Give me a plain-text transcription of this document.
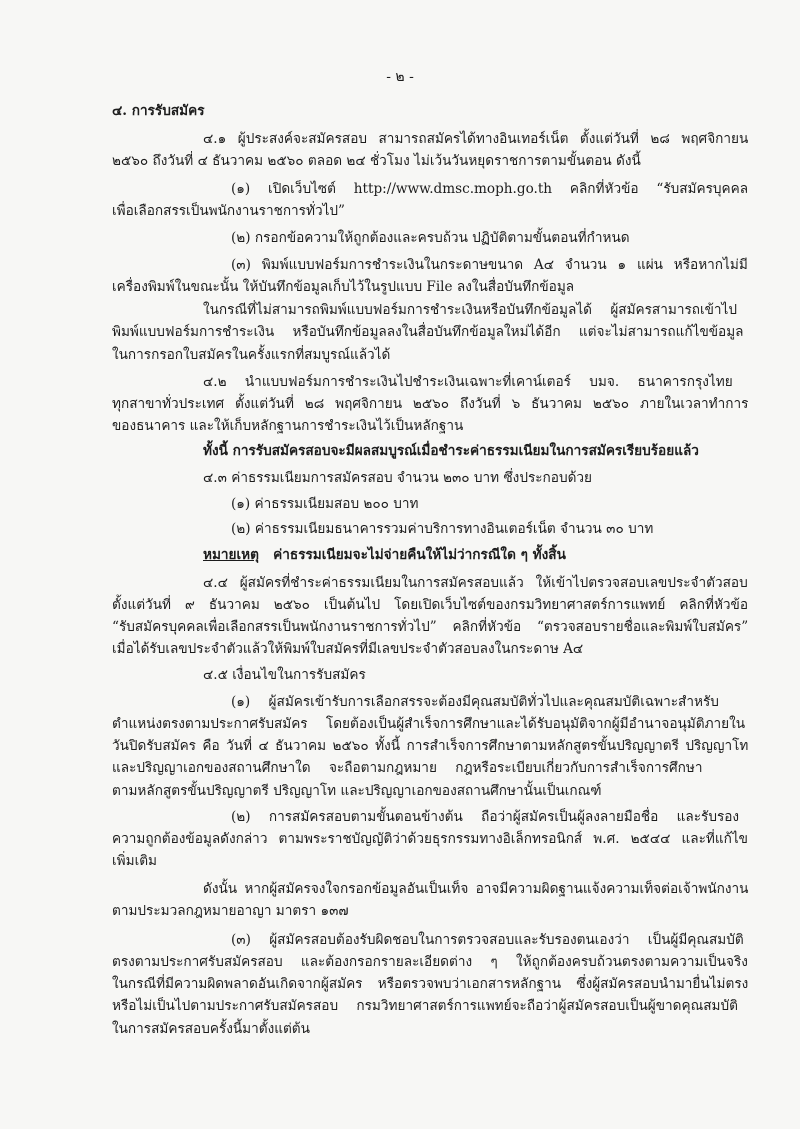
- ๒ -
๔. การรับสมัคร
๔.๑ ผู้ประสงค์จะสมัครสอบ สามารถสมัครได้ทางอินเทอร์เน็ต ตั้งแต่วันที่ ๒๘ พฤศจิกายน
๒๕๖๐ ถึงวันที่ ๔ ธันวาคม ๒๕๖๐ ตลอด ๒๔ ชั่วโมง ไม่เว้นวันหยุดราชการตามขั้นตอน ดังนี้
(๑) เปิดเว็บไซต์ http://www.dmsc.moph.go.th คลิกที่หัวข้อ “รับสมัครบุคคล
เพื่อเลือกสรรเป็นพนักงานราชการทั่วไป”
(๒) กรอกข้อความให้ถูกต้องและครบถ้วน ปฏิบัติตามขั้นตอนที่กำหนด
(๓) พิมพ์แบบฟอร์มการชำระเงินในกระดาษขนาด A๔ จำนวน ๑ แผ่น หรือหากไม่มี
เครื่องพิมพ์ในขณะนั้น ให้บันทึกข้อมูลเก็บไว้ในรูปแบบ File ลงในสื่อบันทึกข้อมูล
ในกรณีที่ไม่สามารถพิมพ์แบบฟอร์มการชำระเงินหรือบันทึกข้อมูลได้ ผู้สมัครสามารถเข้าไป
พิมพ์แบบฟอร์มการชำระเงิน หรือบันทึกข้อมูลลงในสื่อบันทึกข้อมูลใหม่ได้อีก แต่จะไม่สามารถแก้ไขข้อมูล
ในการกรอกใบสมัครในครั้งแรกที่สมบูรณ์แล้วได้
๔.๒ นำแบบฟอร์มการชำระเงินไปชำระเงินเฉพาะที่เคาน์เตอร์ บมจ. ธนาคารกรุงไทย
ทุกสาขาทั่วประเทศ ตั้งแต่วันที่ ๒๘ พฤศจิกายน ๒๕๖๐ ถึงวันที่ ๖ ธันวาคม ๒๕๖๐ ภายในเวลาทำการ
ของธนาคาร และให้เก็บหลักฐานการชำระเงินไว้เป็นหลักฐาน
ทั้งนี้ การรับสมัครสอบจะมีผลสมบูรณ์เมื่อชำระค่าธรรมเนียมในการสมัครเรียบร้อยแล้ว
๔.๓ ค่าธรรมเนียมการสมัครสอบ จำนวน ๒๓๐ บาท ซึ่งประกอบด้วย
(๑) ค่าธรรมเนียมสอบ ๒๐๐ บาท
(๒) ค่าธรรมเนียมธนาคารรวมค่าบริการทางอินเตอร์เน็ต จำนวน ๓๐ บาท
หมายเหตุ   ค่าธรรมเนียมจะไม่จ่ายคืนให้ไม่ว่ากรณีใด ๆ ทั้งสิ้น
๔.๔ ผู้สมัครที่ชำระค่าธรรมเนียมในการสมัครสอบแล้ว ให้เข้าไปตรวจสอบเลขประจำตัวสอบ
ตั้งแต่วันที่ ๙ ธันวาคม ๒๕๖๐ เป็นต้นไป โดยเปิดเว็บไซต์ของกรมวิทยาศาสตร์การแพทย์ คลิกที่หัวข้อ
“รับสมัครบุคคลเพื่อเลือกสรรเป็นพนักงานราชการทั่วไป” คลิกที่หัวข้อ “ตรวจสอบรายชื่อและพิมพ์ใบสมัคร”
เมื่อได้รับเลขประจำตัวแล้วให้พิมพ์ใบสมัครที่มีเลขประจำตัวสอบลงในกระดาษ A๔
๔.๕ เงื่อนไขในการรับสมัคร
(๑) ผู้สมัครเข้ารับการเลือกสรรจะต้องมีคุณสมบัติทั่วไปและคุณสมบัติเฉพาะสำหรับ
ตำแหน่งตรงตามประกาศรับสมัคร โดยต้องเป็นผู้สำเร็จการศึกษาและได้รับอนุมัติจากผู้มีอำนาจอนุมัติภายใน
วันปิดรับสมัคร คือ วันที่ ๔ ธันวาคม ๒๕๖๐ ทั้งนี้ การสำเร็จการศึกษาตามหลักสูตรขั้นปริญญาตรี ปริญญาโท
และปริญญาเอกของสถานศึกษาใด จะถือตามกฎหมาย กฎหรือระเบียบเกี่ยวกับการสำเร็จการศึกษา
ตามหลักสูตรขั้นปริญญาตรี ปริญญาโท และปริญญาเอกของสถานศึกษานั้นเป็นเกณฑ์
(๒) การสมัครสอบตามขั้นตอนข้างต้น ถือว่าผู้สมัครเป็นผู้ลงลายมือชื่อ และรับรอง
ความถูกต้องข้อมูลดังกล่าว ตามพระราชบัญญัติว่าด้วยธุรกรรมทางอิเล็กทรอนิกส์ พ.ศ. ๒๕๔๔ และที่แก้ไข
เพิ่มเติม
ดังนั้น หากผู้สมัครจงใจกรอกข้อมูลอันเป็นเท็จ อาจมีความผิดฐานแจ้งความเท็จต่อเจ้าพนักงาน
ตามประมวลกฎหมายอาญา มาตรา ๑๓๗
(๓) ผู้สมัครสอบต้องรับผิดชอบในการตรวจสอบและรับรองตนเองว่า เป็นผู้มีคุณสมบัติ
ตรงตามประกาศรับสมัครสอบ และต้องกรอกรายละเอียดต่าง ๆ ให้ถูกต้องครบถ้วนตรงตามความเป็นจริง
ในกรณีที่มีความผิดพลาดอันเกิดจากผู้สมัคร หรือตรวจพบว่าเอกสารหลักฐาน ซึ่งผู้สมัครสอบนำมายื่นไม่ตรง
หรือไม่เป็นไปตามประกาศรับสมัครสอบ กรมวิทยาศาสตร์การแพทย์จะถือว่าผู้สมัครสอบเป็นผู้ขาดคุณสมบัติ
ในการสมัครสอบครั้งนี้มาตั้งแต่ต้น
